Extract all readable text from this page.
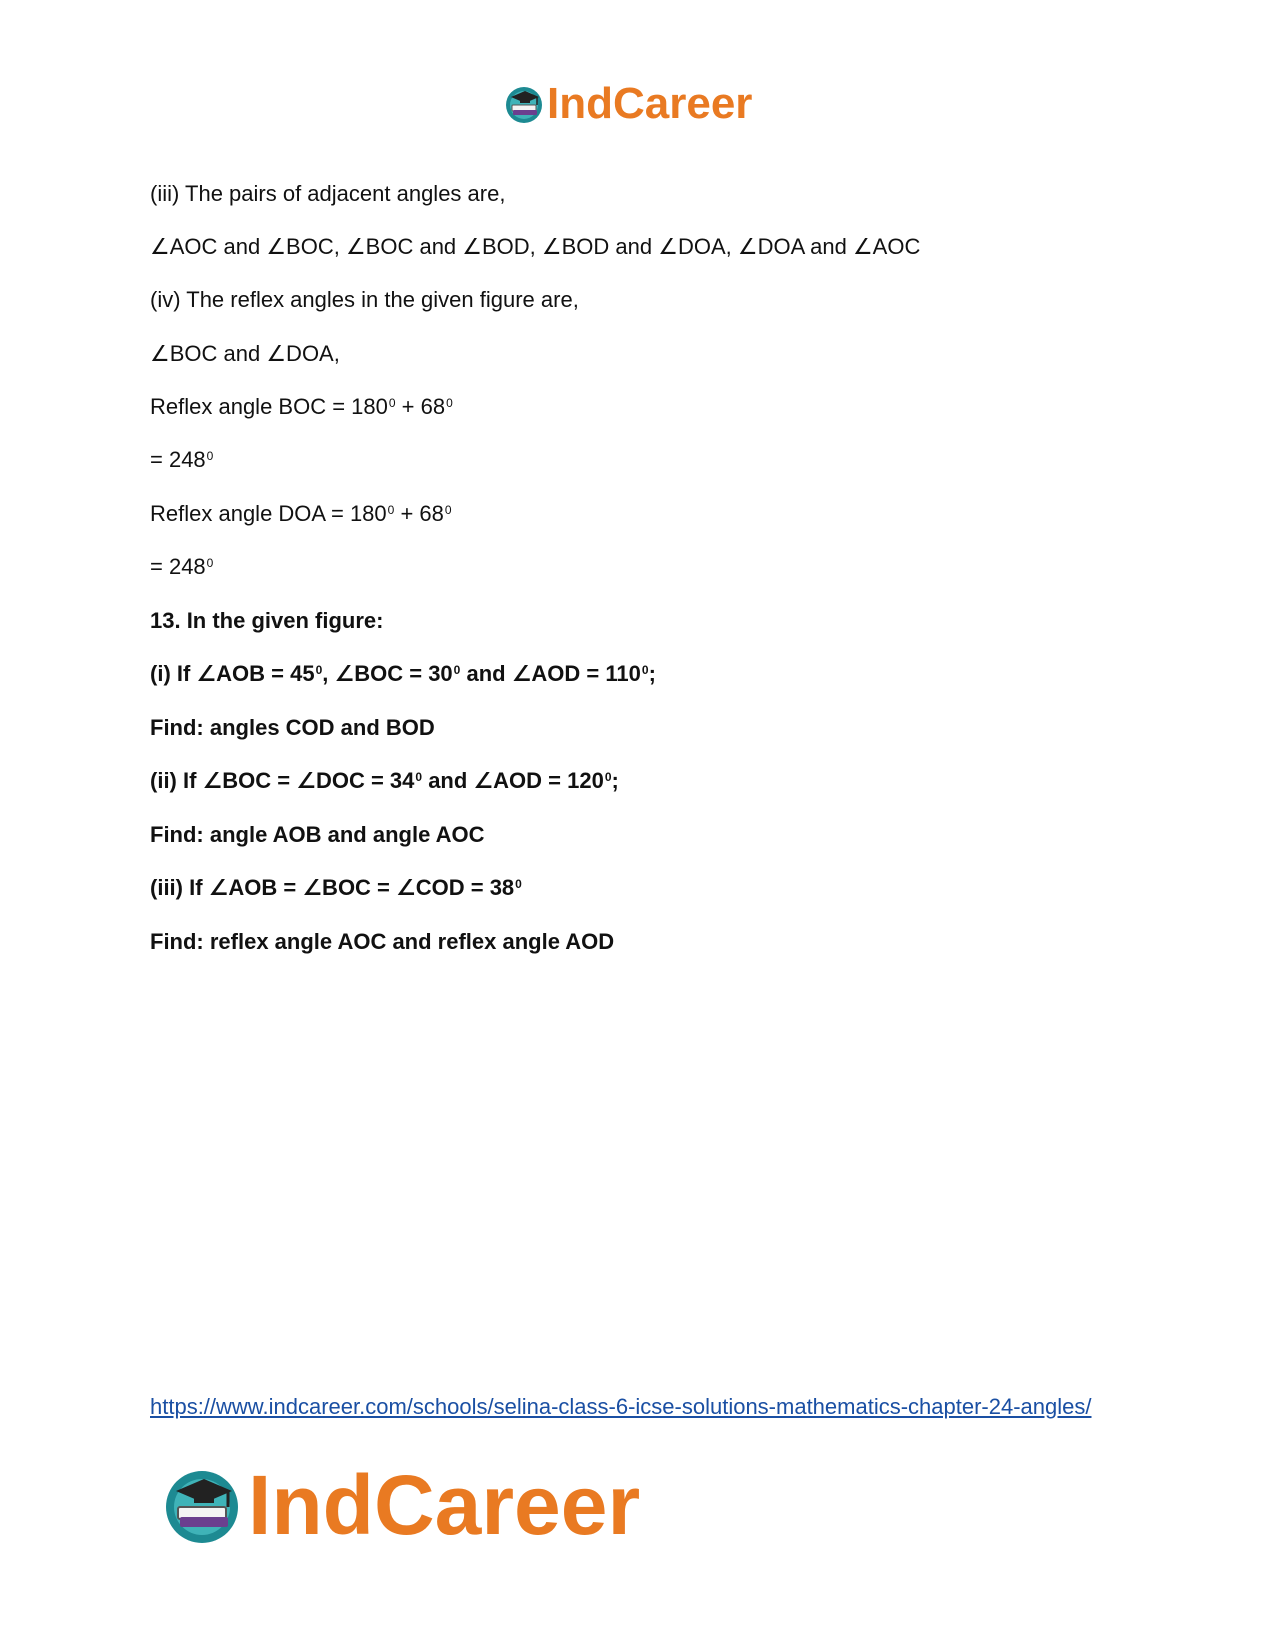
IndCareer
(iii) The pairs of adjacent angles are,
∠AOC and ∠BOC, ∠BOC and ∠BOD, ∠BOD and ∠DOA, ∠DOA and ∠AOC
(iv) The reflex angles in the given figure are,
∠BOC and ∠DOA,
Reflex angle BOC = $180^0 + 68^0$
= $248^0$
Reflex angle DOA = $180^0 + 68^0$
= $248^0$
13. In the given figure:
(i) If ∠AOB = $45^0$, ∠BOC = $30^0$ and ∠AOD = $110^0$;
Find: angles COD and BOD
(ii) If ∠BOC = ∠DOC = $34^0$ and ∠AOD = $120^0$;
Find: angle AOB and angle AOC
(iii) If ∠AOB = ∠BOC = ∠COD = $38^0$
Find: reflex angle AOC and reflex angle AOD
https://www.indcareer.com/schools/selina-class-6-icse-solutions-mathematics-chapter-24-angles/
IndCareer
